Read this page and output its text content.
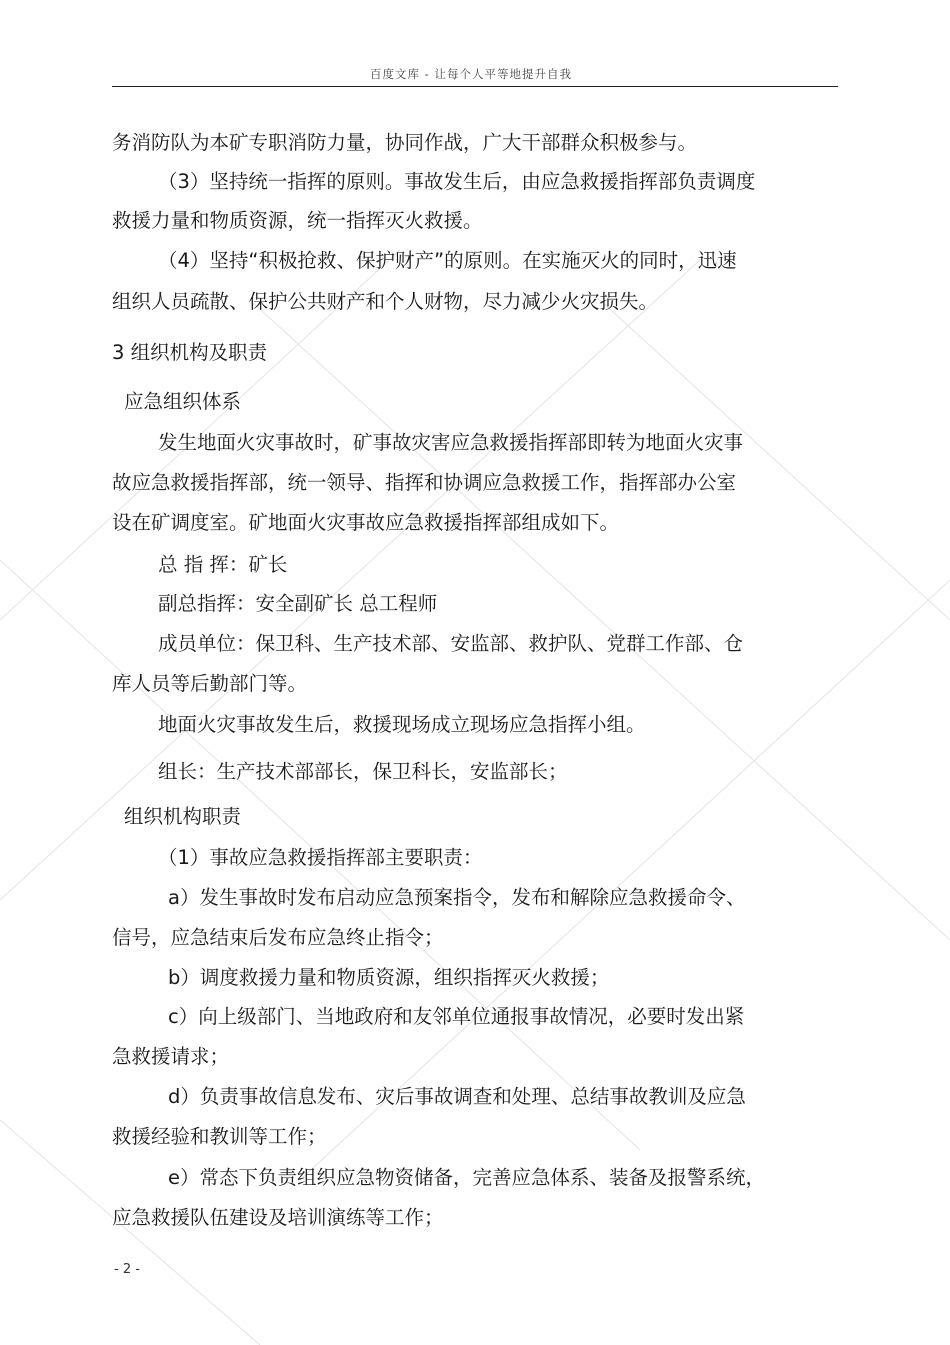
百度文库 - 让每个人平等地提升自我
务消防队为本矿专职消防力量，协同作战，广大干部群众积极参与。
（3）坚持统一指挥的原则。事故发生后，由应急救援指挥部负责调度
救援力量和物质资源，统一指挥灭火救援。
（4）坚持“积极抢救、保护财产”的原则。在实施灭火的同时，迅速
组织人员疏散、保护公共财产和个人财物，尽力减少火灾损失。
3 组织机构及职责
应急组织体系
发生地面火灾事故时，矿事故灾害应急救援指挥部即转为地面火灾事
故应急救援指挥部，统一领导、指挥和协调应急救援工作，指挥部办公室
设在矿调度室。矿地面火灾事故应急救援指挥部组成如下。
总 指 挥：矿长
副总指挥：安全副矿长 总工程师
成员单位：保卫科、生产技术部、安监部、救护队、党群工作部、仓
库人员等后勤部门等。
地面火灾事故发生后，救援现场成立现场应急指挥小组。
组长：生产技术部部长，保卫科长，安监部长；
组织机构职责
（1）事故应急救援指挥部主要职责：
a）发生事故时发布启动应急预案指令，发布和解除应急救援命令、
信号，应急结束后发布应急终止指令；
b）调度救援力量和物质资源，组织指挥灭火救援；
c）向上级部门、当地政府和友邻单位通报事故情况，必要时发出紧
急救援请求；
d）负责事故信息发布、灾后事故调查和处理、总结事故教训及应急
救援经验和教训等工作；
e）常态下负责组织应急物资储备，完善应急体系、装备及报警系统，
应急救援队伍建设及培训演练等工作；
- 2 -
